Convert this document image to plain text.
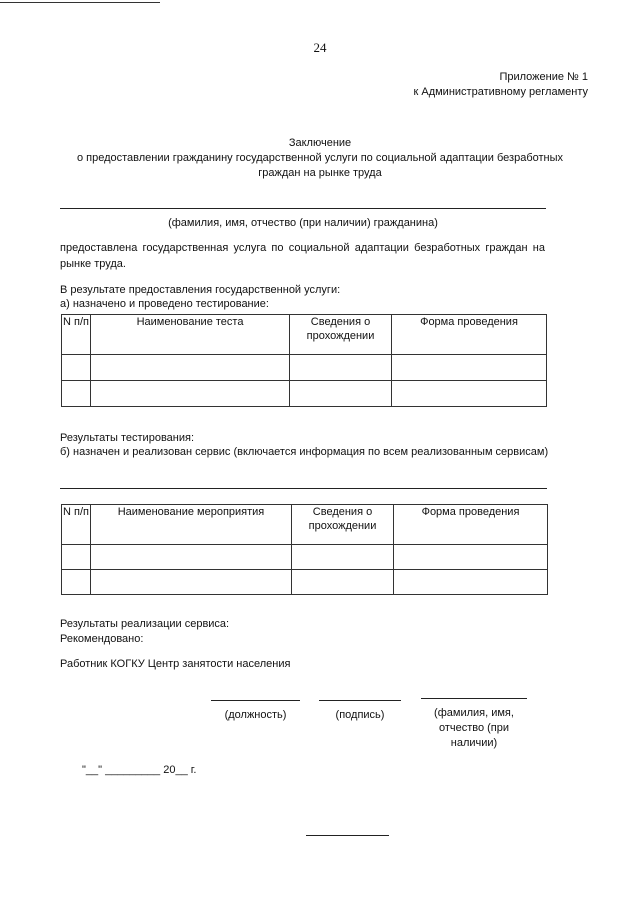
24
Приложение № 1
к Административному регламенту
Заключение
о предоставлении гражданину государственной услуги по социальной адаптации безработных
граждан на рынке труда
(фамилия, имя, отчество (при наличии) гражданина)
предоставлена государственная услуга по социальной адаптации безработных граждан на рынке труда.
В результате предоставления государственной услуги:
а) назначено и проведено тестирование:
N п/п	Наименование теста	Сведения о прохождении	Форма проведения

Результаты тестирования:
б) назначен и реализован сервис (включается информация по всем реализованным сервисам)
N п/п	Наименование мероприятия	Сведения о прохождении	Форма проведения

Результаты реализации сервиса:
Рекомендовано:
Работник КОГКУ Центр занятости населения
(должность)	(подпись)	(фамилия, имя, отчество (при наличии)
"__" _________ 20__ г.
